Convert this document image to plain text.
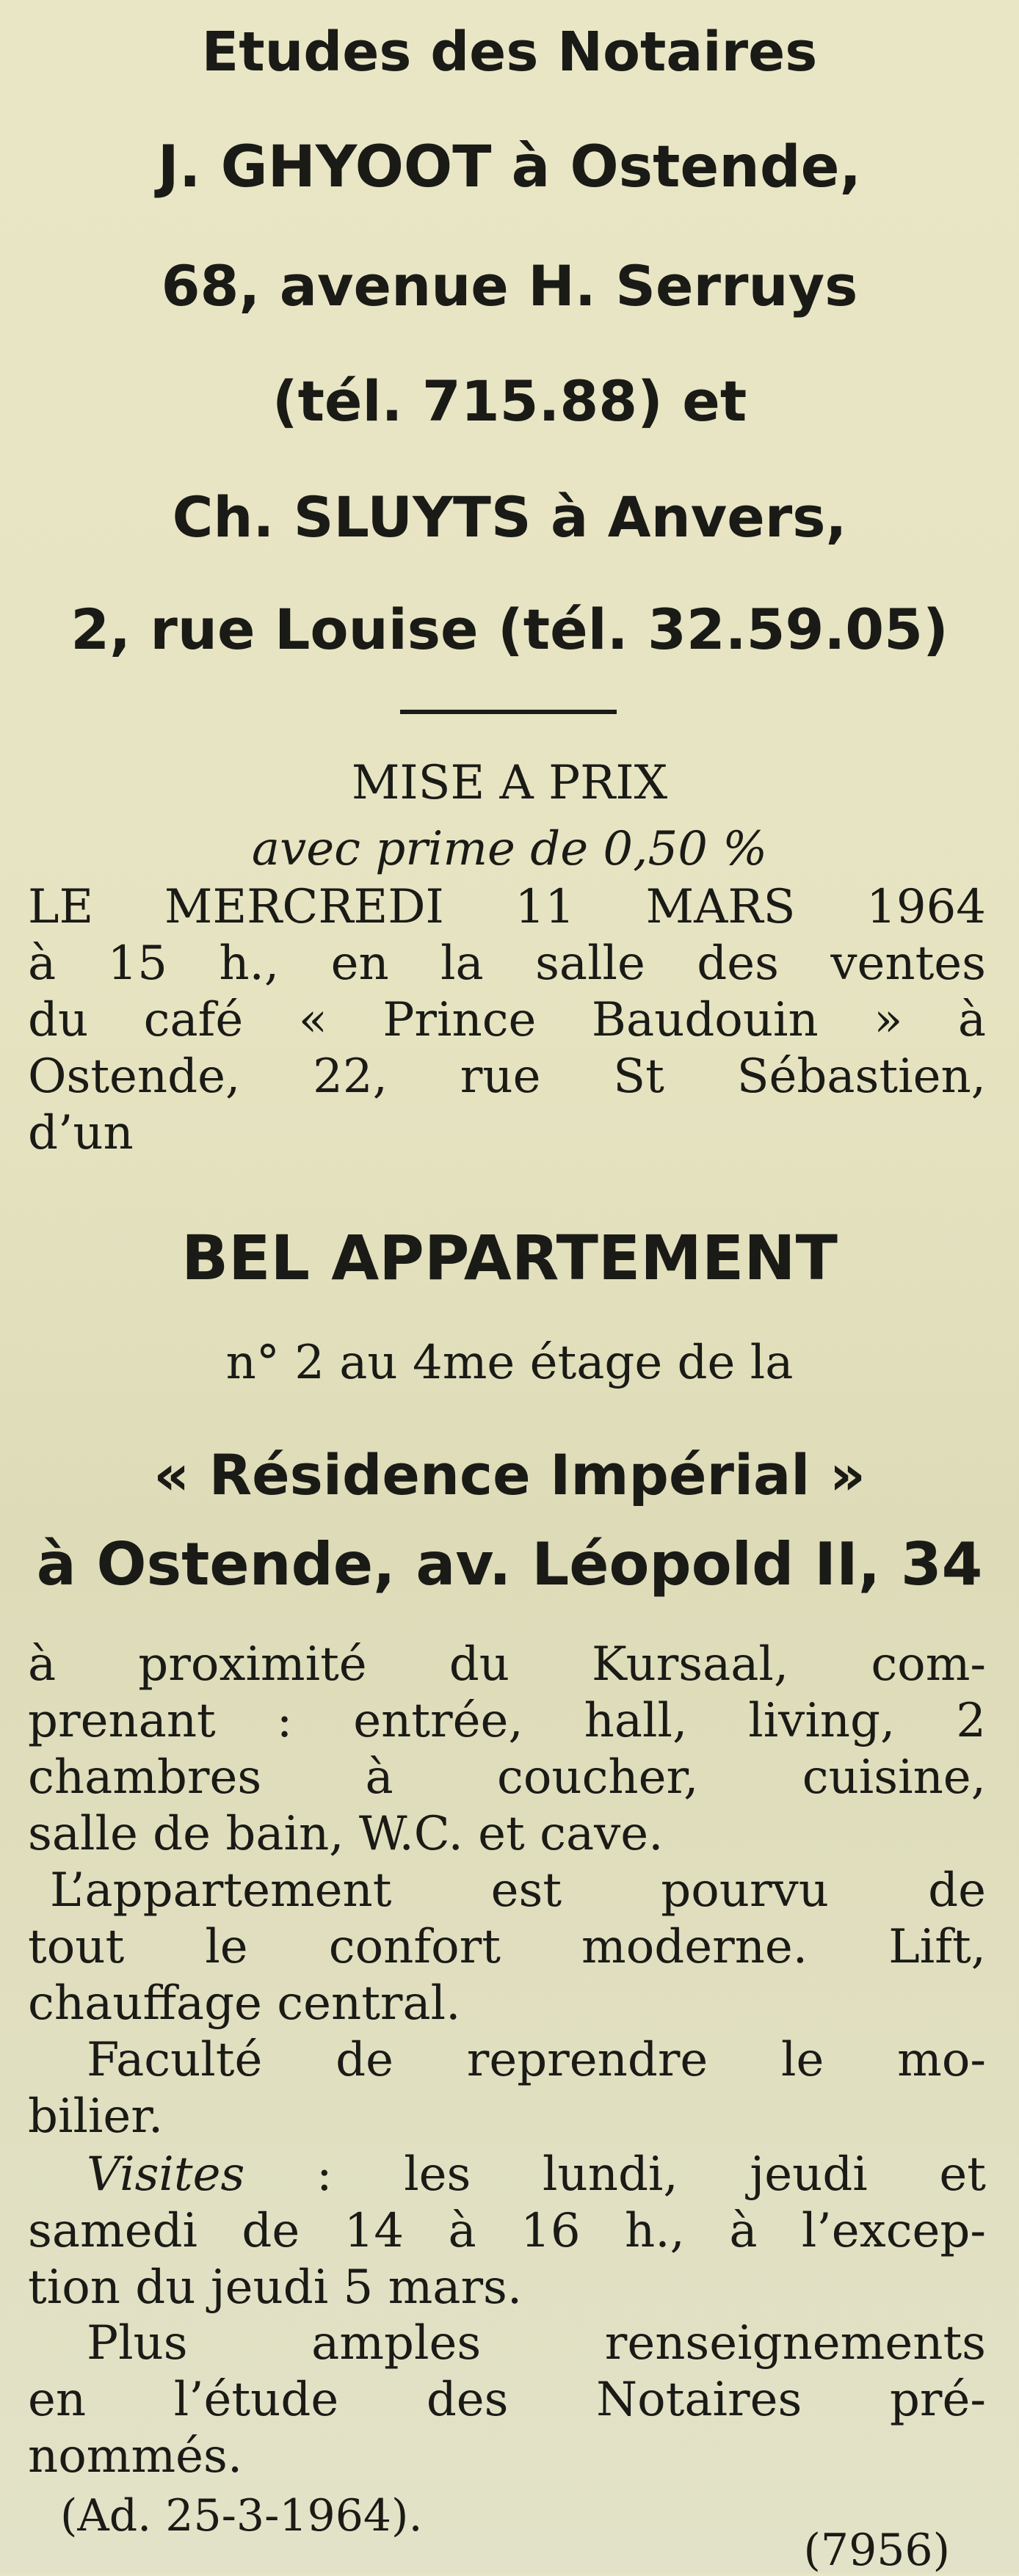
Etudes des Notaires
J. GHYOOT à Ostende,
68, avenue H. Serruys
(tél. 715.88) et
Ch. SLUYTS à Anvers,
2, rue Louise (tél. 32.59.05)
MISE A PRIX
avec prime de 0,50 %
LE MERCREDI 11 MARS 1964
à 15 h., en la salle des ventes
du café « Prince Baudouin » à
Ostende, 22, rue St Sébastien,
d’un
BEL APPARTEMENT
n° 2 au 4me étage de la
« Résidence Impérial »
à Ostende, av. Léopold II, 34
à proximité du Kursaal, com-
prenant : entrée, hall, living, 2
chambres à coucher, cuisine,
salle de bain, W.C. et cave.
L’appartement est pourvu de
tout le confort moderne. Lift,
chauffage central.
Faculté de reprendre le mo-
bilier.
Visites : les lundi, jeudi et
samedi de 14 à 16 h., à l’excep-
tion du jeudi 5 mars.
Plus amples renseignements
en l’étude des Notaires pré-
nommés.
(Ad. 25-3-1964).
(7956)
